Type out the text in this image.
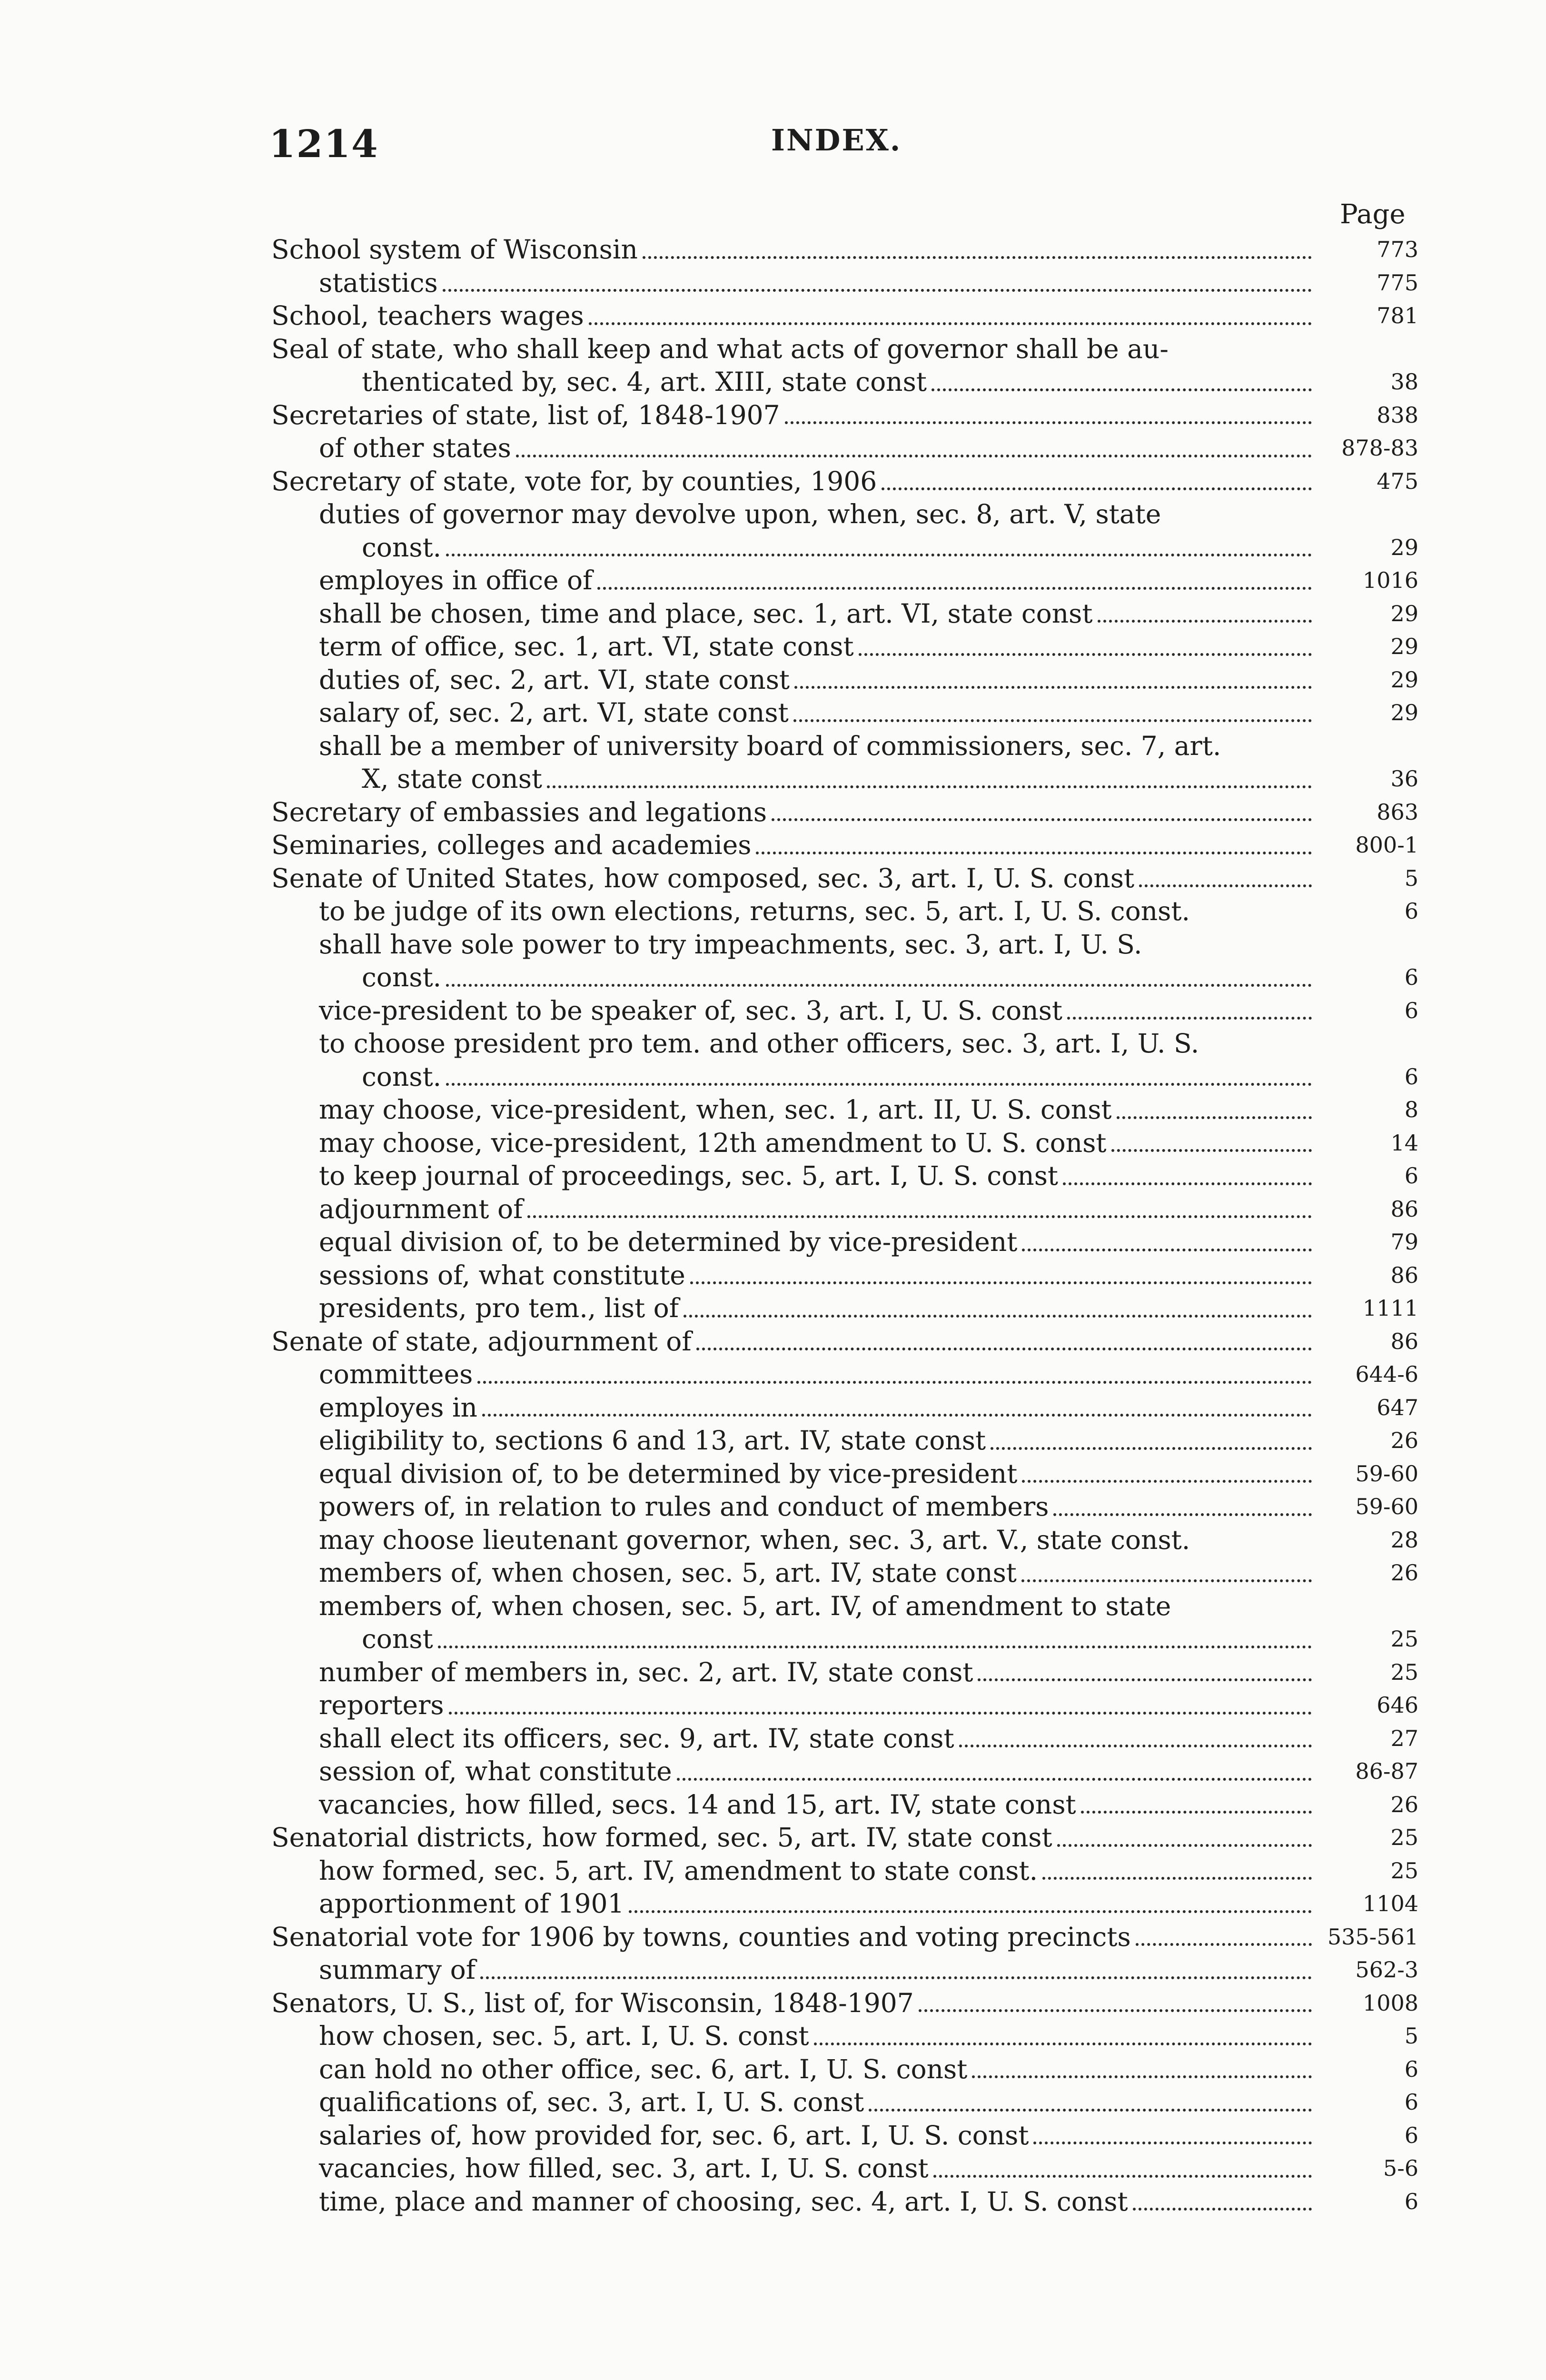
1214	INDEX.
Page
School system of Wisconsin	773
statistics	775
School, teachers wages	781
Seal of state, who shall keep and what acts of governor shall be au-
thenticated by, sec. 4, art. XIII, state const	38
Secretaries of state, list of, 1848-1907	838
of other states	878-83
Secretary of state, vote for, by counties, 1906	475
duties of governor may devolve upon, when, sec. 8, art. V, state
const.	29
employes in office of	1016
shall be chosen, time and place, sec. 1, art. VI, state const	29
term of office, sec. 1, art. VI, state const	29
duties of, sec. 2, art. VI, state const	29
salary of, sec. 2, art. VI, state const	29
shall be a member of university board of commissioners, sec. 7, art.
X, state const	36
Secretary of embassies and legations	863
Seminaries, colleges and academies	800-1
Senate of United States, how composed, sec. 3, art. I, U. S. const	5
to be judge of its own elections, returns, sec. 5, art. I, U. S. const.	6
shall have sole power to try impeachments, sec. 3, art. I, U. S.
const.	6
vice-president to be speaker of, sec. 3, art. I, U. S. const	6
to choose president pro tem. and other officers, sec. 3, art. I, U. S.
const.	6
may choose, vice-president, when, sec. 1, art. II, U. S. const	8
may choose, vice-president, 12th amendment to U. S. const	14
to keep journal of proceedings, sec. 5, art. I, U. S. const	6
adjournment of	86
equal division of, to be determined by vice-president	79
sessions of, what constitute	86
presidents, pro tem., list of	1111
Senate of state, adjournment of	86
committees	644-6
employes in	647
eligibility to, sections 6 and 13, art. IV, state const	26
equal division of, to be determined by vice-president	59-60
powers of, in relation to rules and conduct of members	59-60
may choose lieutenant governor, when, sec. 3, art. V., state const.	28
members of, when chosen, sec. 5, art. IV, state const	26
members of, when chosen, sec. 5, art. IV, of amendment to state
const	25
number of members in, sec. 2, art. IV, state const	25
reporters	646
shall elect its officers, sec. 9, art. IV, state const	27
session of, what constitute	86-87
vacancies, how filled, secs. 14 and 15, art. IV, state const	26
Senatorial districts, how formed, sec. 5, art. IV, state const	25
how formed, sec. 5, art. IV, amendment to state const.	25
apportionment of 1901	1104
Senatorial vote for 1906 by towns, counties and voting precincts	535-561
summary of	562-3
Senators, U. S., list of, for Wisconsin, 1848-1907	1008
how chosen, sec. 5, art. I, U. S. const	5
can hold no other office, sec. 6, art. I, U. S. const	6
qualifications of, sec. 3, art. I, U. S. const	6
salaries of, how provided for, sec. 6, art. I, U. S. const	6
vacancies, how filled, sec. 3, art. I, U. S. const	5-6
time, place and manner of choosing, sec. 4, art. I, U. S. const	6
